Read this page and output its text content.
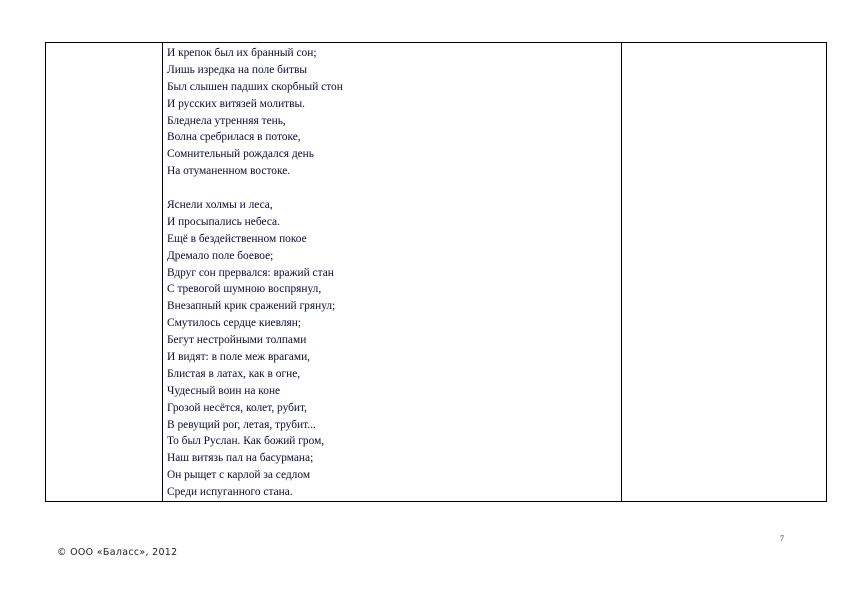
И крепок был их бранный сон;
Лишь изредка на поле битвы
Был слышен падших скорбный стон
И русских витязей молитвы.
Бледнела утренняя тень,
Волна сребрилася в потоке,
Сомнительный рождался день
На отуманенном востоке.
Яснели холмы и леса,
И просыпались небеса.
Ещё в бездейственном покое
Дремало поле боевое;
Вдруг сон прервался: вражий стан
С тревогой шумною воспрянул,
Внезапный крик сражений грянул;
Смутилось сердце киевлян;
Бегут нестройными толпами
И видят: в поле меж врагами,
Блистая в латах, как в огне,
Чудесный воин на коне
Грозой несётся, колет, рубит,
В ревущий рог, летая, трубит...
То был Руслан. Как божий гром,
Наш витязь пал на басурмана;
Он рыщет с карлой за седлом
Среди испуганного стана.

7
© ООО «Баласс», 2012
